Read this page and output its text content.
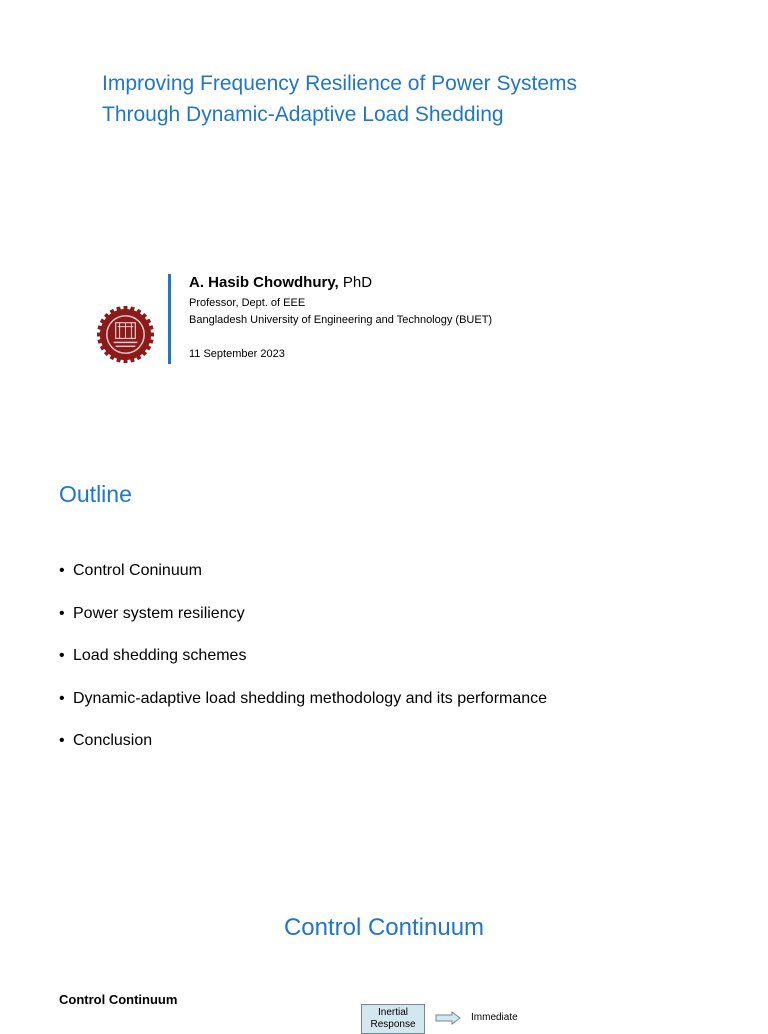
Improving Frequency Resilience of Power Systems
Through Dynamic-Adaptive Load Shedding
A. Hasib Chowdhury, PhD
Professor, Dept. of EEE
Bangladesh University of Engineering and Technology (BUET)
11 September 2023
Outline
• Control Coninuum
• Power system resiliency
• Load shedding schemes
• Dynamic-adaptive load shedding methodology and its performance
• Conclusion
Control Continuum
Control Continuum
Inertial
Response
Immediate
